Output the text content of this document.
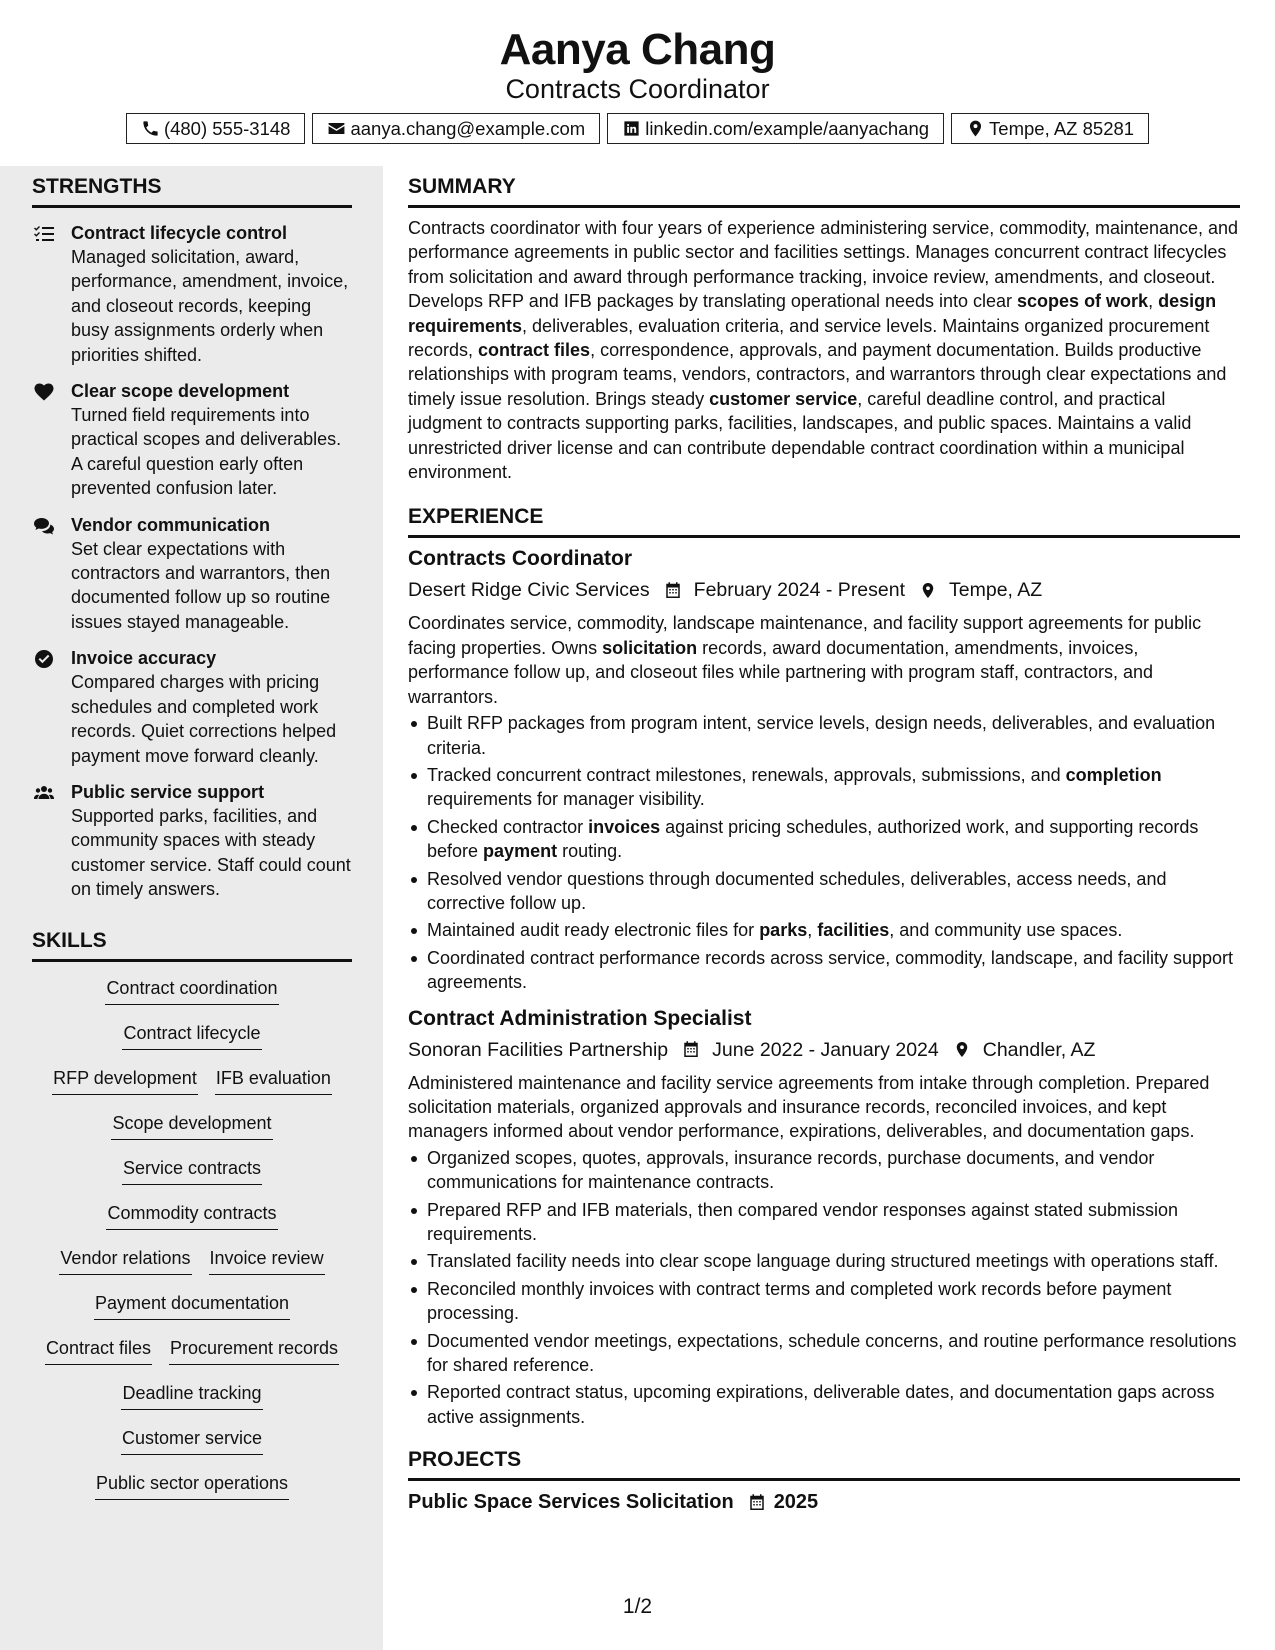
Aanya Chang
Contracts Coordinator
(480) 555-3148	aanya.chang@example.com	linkedin.com/example/aanyachang	Tempe, AZ 85281
STRENGTHS
Contract lifecycle control
Managed solicitation, award, performance, amendment, invoice, and closeout records, keeping busy assignments orderly when priorities shifted.
Clear scope development
Turned field requirements into practical scopes and deliverables. A careful question early often prevented confusion later.
Vendor communication
Set clear expectations with contractors and warrantors, then documented follow up so routine issues stayed manageable.
Invoice accuracy
Compared charges with pricing schedules and completed work records. Quiet corrections helped payment move forward cleanly.
Public service support
Supported parks, facilities, and community spaces with steady customer service. Staff could count on timely answers.
SKILLS
Contract coordination
Contract lifecycle
RFP development IFB evaluation
Scope development
Service contracts
Commodity contracts
Vendor relations Invoice review
Payment documentation
Contract files Procurement records
Deadline tracking
Customer service
Public sector operations
SUMMARY
Contracts coordinator with four years of experience administering service, commodity, maintenance, and performance agreements in public sector and facilities settings. Manages concurrent contract lifecycles from solicitation and award through performance tracking, invoice review, amendments, and closeout. Develops RFP and IFB packages by translating operational needs into clear scopes of work, design requirements, deliverables, evaluation criteria, and service levels. Maintains organized procurement records, contract files, correspondence, approvals, and payment documentation. Builds productive relationships with program teams, vendors, contractors, and warrantors through clear expectations and timely issue resolution. Brings steady customer service, careful deadline control, and practical judgment to contracts supporting parks, facilities, landscapes, and public spaces. Maintains a valid unrestricted driver license and can contribute dependable contract coordination within a municipal environment.
EXPERIENCE
Contracts Coordinator
Desert Ridge Civic Services February 2024 - Present Tempe, AZ
Coordinates service, commodity, landscape maintenance, and facility support agreements for public facing properties. Owns solicitation records, award documentation, amendments, invoices, performance follow up, and closeout files while partnering with program staff, contractors, and warrantors.
Built RFP packages from program intent, service levels, design needs, deliverables, and evaluation criteria.
Tracked concurrent contract milestones, renewals, approvals, submissions, and completion requirements for manager visibility.
Checked contractor invoices against pricing schedules, authorized work, and supporting records before payment routing.
Resolved vendor questions through documented schedules, deliverables, access needs, and corrective follow up.
Maintained audit ready electronic files for parks, facilities, and community use spaces.
Coordinated contract performance records across service, commodity, landscape, and facility support agreements.
Contract Administration Specialist
Sonoran Facilities Partnership June 2022 - January 2024 Chandler, AZ
Administered maintenance and facility service agreements from intake through completion. Prepared solicitation materials, organized approvals and insurance records, reconciled invoices, and kept managers informed about vendor performance, expirations, deliverables, and documentation gaps.
Organized scopes, quotes, approvals, insurance records, purchase documents, and vendor communications for maintenance contracts.
Prepared RFP and IFB materials, then compared vendor responses against stated submission requirements.
Translated facility needs into clear scope language during structured meetings with operations staff.
Reconciled monthly invoices with contract terms and completed work records before payment processing.
Documented vendor meetings, expectations, schedule concerns, and routine performance resolutions for shared reference.
Reported contract status, upcoming expirations, deliverable dates, and documentation gaps across active assignments.
PROJECTS
Public Space Services Solicitation 2025
1/2
